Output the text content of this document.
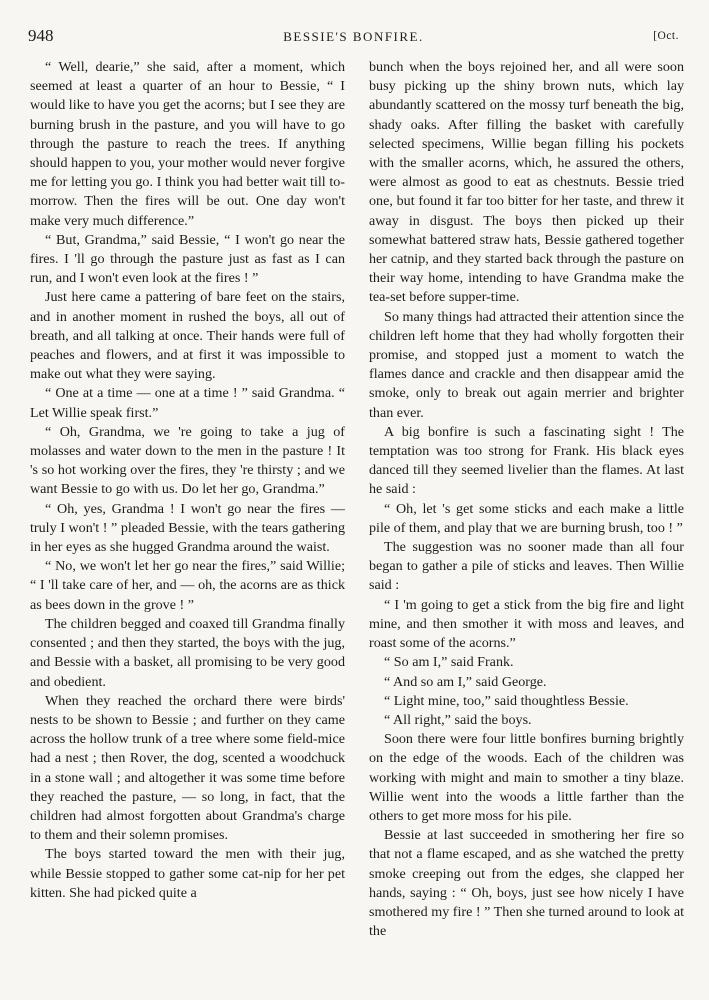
948	BESSIE'S BONFIRE.	[Oct.

“ Well, dearie,” she said, after a moment, which seemed at least a quarter of an hour to Bessie, “ I would like to have you get the acorns; but I see they are burning brush in the pasture, and you will have to go through the pasture to reach the trees. If anything should happen to you, your mother would never forgive me for letting you go. I think you had better wait till to-morrow. Then the fires will be out. One day won't make very much difference.”

“ But, Grandma,” said Bessie, “ I won't go near the fires. I 'll go through the pasture just as fast as I can run, and I won't even look at the fires ! ”

Just here came a pattering of bare feet on the stairs, and in another moment in rushed the boys, all out of breath, and all talking at once. Their hands were full of peaches and flowers, and at first it was impossible to make out what they were saying.

“ One at a time — one at a time ! ” said Grandma. “ Let Willie speak first.”

“ Oh, Grandma, we 're going to take a jug of molasses and water down to the men in the pasture ! It 's so hot working over the fires, they 're thirsty ; and we want Bessie to go with us. Do let her go, Grandma.”

“ Oh, yes, Grandma ! I won't go near the fires — truly I won't ! ” pleaded Bessie, with the tears gathering in her eyes as she hugged Grandma around the waist.

“ No, we won't let her go near the fires,” said Willie; “ I 'll take care of her, and — oh, the acorns are as thick as bees down in the grove ! ”

The children begged and coaxed till Grandma finally consented ; and then they started, the boys with the jug, and Bessie with a basket, all promising to be very good and obedient.

When they reached the orchard there were birds' nests to be shown to Bessie ; and further on they came across the hollow trunk of a tree where some field-mice had a nest ; then Rover, the dog, scented a woodchuck in a stone wall ; and altogether it was some time before they reached the pasture, — so long, in fact, that the children had almost forgotten about Grandma's charge to them and their solemn promises.

The boys started toward the men with their jug, while Bessie stopped to gather some cat-nip for her pet kitten. She had picked quite a

bunch when the boys rejoined her, and all were soon busy picking up the shiny brown nuts, which lay abundantly scattered on the mossy turf beneath the big, shady oaks. After filling the basket with carefully selected specimens, Willie began filling his pockets with the smaller acorns, which, he assured the others, were almost as good to eat as chestnuts. Bessie tried one, but found it far too bitter for her taste, and threw it away in disgust. The boys then picked up their somewhat battered straw hats, Bessie gathered together her catnip, and they started back through the pasture on their way home, intending to have Grandma make the tea-set before supper-time.

So many things had attracted their attention since the children left home that they had wholly forgotten their promise, and stopped just a moment to watch the flames dance and crackle and then disappear amid the smoke, only to break out again merrier and brighter than ever.

A big bonfire is such a fascinating sight ! The temptation was too strong for Frank. His black eyes danced till they seemed livelier than the flames. At last he said :

“ Oh, let 's get some sticks and each make a little pile of them, and play that we are burning brush, too ! ”

The suggestion was no sooner made than all four began to gather a pile of sticks and leaves. Then Willie said :

“ I 'm going to get a stick from the big fire and light mine, and then smother it with moss and leaves, and roast some of the acorns.”

“ So am I,” said Frank.

“ And so am I,” said George.

“ Light mine, too,” said thoughtless Bessie.

“ All right,” said the boys.

Soon there were four little bonfires burning brightly on the edge of the woods. Each of the children was working with might and main to smother a tiny blaze. Willie went into the woods a little farther than the others to get more moss for his pile.

Bessie at last succeeded in smothering her fire so that not a flame escaped, and as she watched the pretty smoke creeping out from the edges, she clapped her hands, saying : “ Oh, boys, just see how nicely I have smothered my fire ! ” Then she turned around to look at the
